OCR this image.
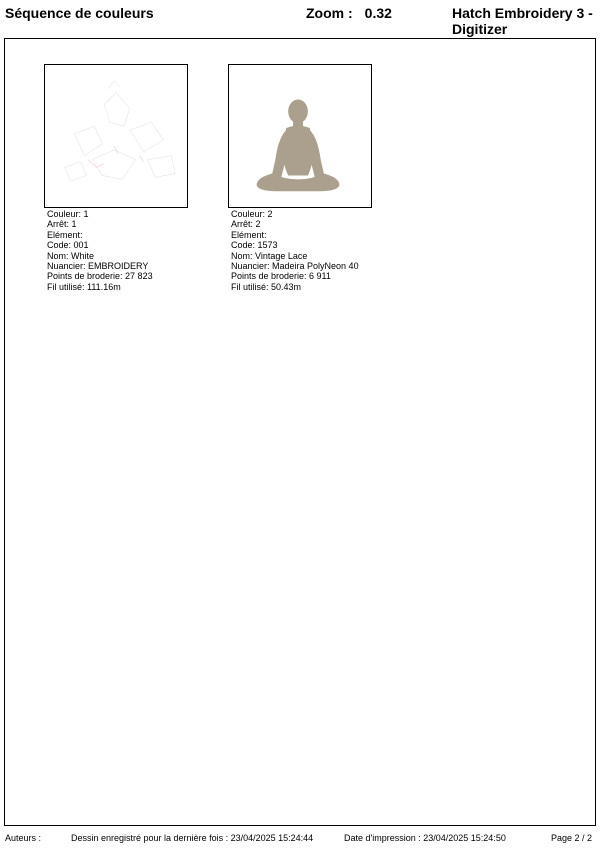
Séquence de couleurs	Zoom : 0.32	Hatch Embroidery 3 - Digitizer
Couleur: 1
Arrêt: 1
Elément:
Code: 001
Nom: White
Nuancier: EMBROIDERY
Points de broderie: 27 823
Fil utilisé: 111.16m
Couleur: 2
Arrêt: 2
Elément:
Code: 1573
Nom: Vintage Lace
Nuancier: Madeira PolyNeon 40
Points de broderie: 6 911
Fil utilisé: 50.43m
Auteurs :	Dessin enregistré pour la dernière fois : 23/04/2025 15:24:44	Date d'impression : 23/04/2025 15:24:50	Page 2 / 2
